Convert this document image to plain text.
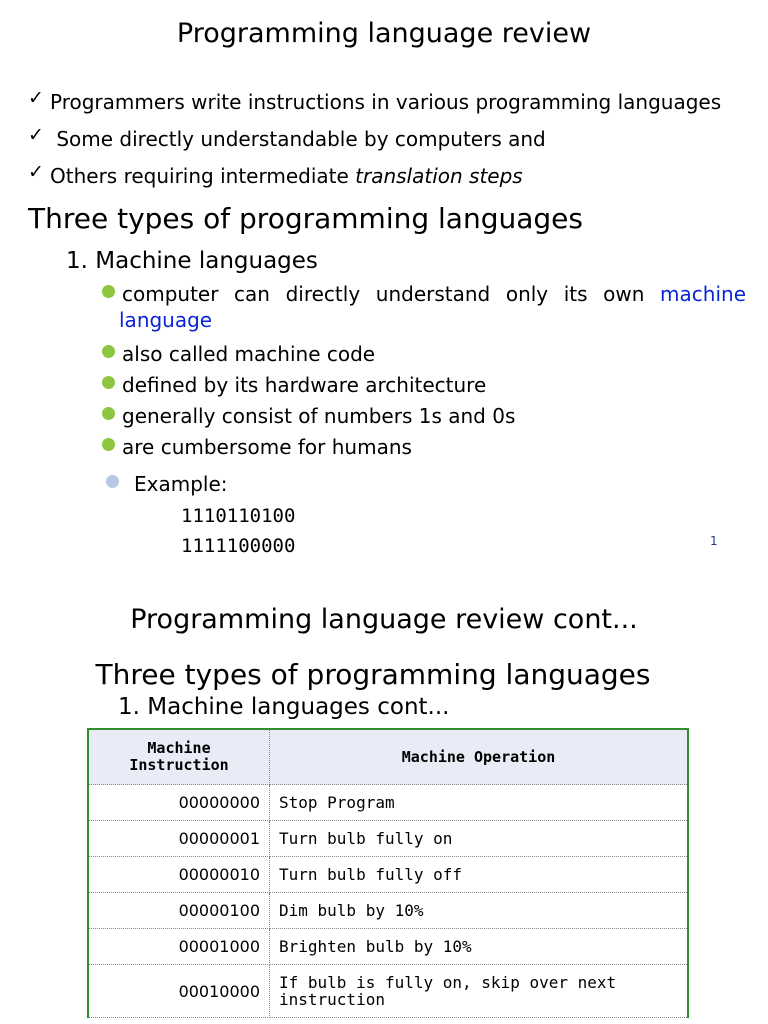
Programming language review
✓ Programmers write instructions in various programming languages
✓ Some directly understandable by computers and
✓ Others requiring intermediate translation steps
Three types of programming languages
1. Machine languages
computer can directly understand only its own machine
language
also called machine code
defined by its hardware architecture
generally consist of numbers 1s and 0s
are cumbersome for humans
Example:
1110110100
1111100000	1
Programming language review cont...
Three types of programming languages
1. Machine languages cont...
Machine
Instruction	Machine Operation
00000000	Stop Program
00000001	Turn bulb fully on
00000010	Turn bulb fully off
00000100	Dim bulb by 10%
00001000	Brighten bulb by 10%
00010000	If bulb is fully on, skip over next
instruction
